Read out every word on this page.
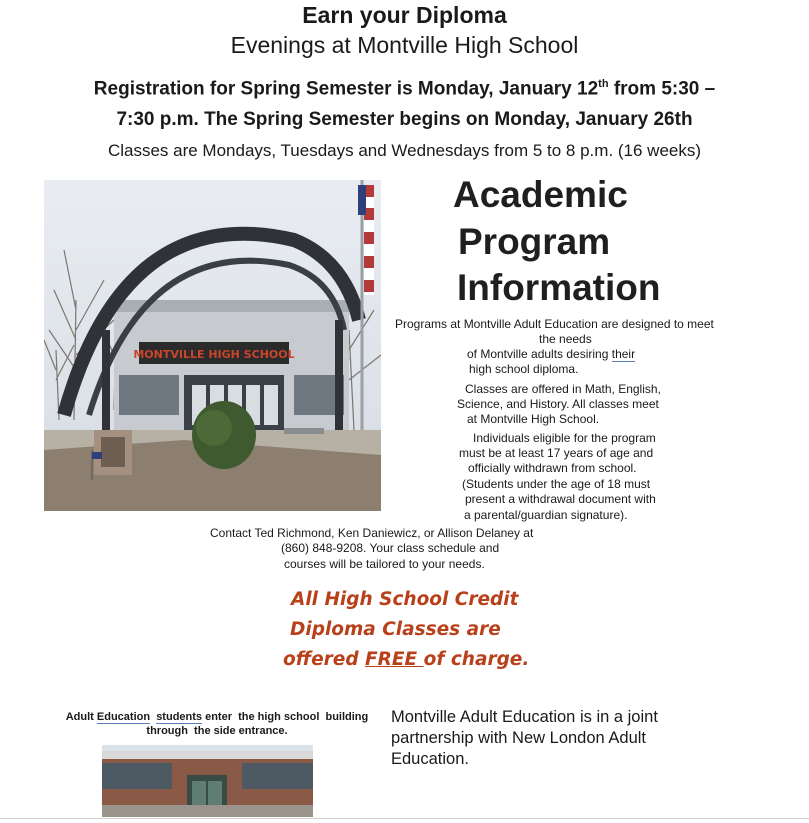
Earn your Diploma
Evenings at Montville High School
Registration for Spring Semester is Monday, January 12th from 5:30 –
7:30 p.m. The Spring Semester begins on Monday, January 26th
Classes are Mondays, Tuesdays and Wednesdays from 5 to 8 p.m. (16 weeks)
MONTVILLE HIGH SCHOOL
Academic
Program
Information
Programs at Montville Adult Education are designed to meet
the needs
of Montville adults desiring their
high school diploma.
Classes are offered in Math, English,
Science, and History. All classes meet
at Montville High School.
Individuals eligible for the program
must be at least 17 years of age and
officially withdrawn from school.
(Students under the age of 18 must
present a withdrawal document with
a parental/guardian signature).
Contact Ted Richmond, Ken Daniewicz, or Allison Delaney at
(860) 848-9208. Your class schedule and
courses will be tailored to your needs.
All High School Credit
Diploma Classes are
offered FREE of charge.
Adult Education students enter  the high school  building
through  the side entrance.
Montville Adult Education is in a joint
partnership with New London Adult
Education.
